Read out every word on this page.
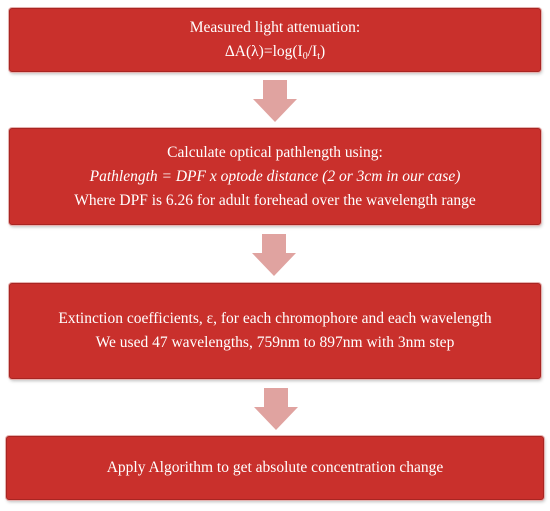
Measured light attenuation:
$\Delta A(\lambda)=\log(I_0/I_t)$
Calculate optical pathlength using:
Pathlength = DPF x optode distance (2 or 3cm in our case)
Where DPF is 6.26 for adult forehead over the wavelength range
Extinction coefficients, ε, for each chromophore and each wavelength
We used 47 wavelengths, 759nm to 897nm with 3nm step
Apply Algorithm to get absolute concentration change
